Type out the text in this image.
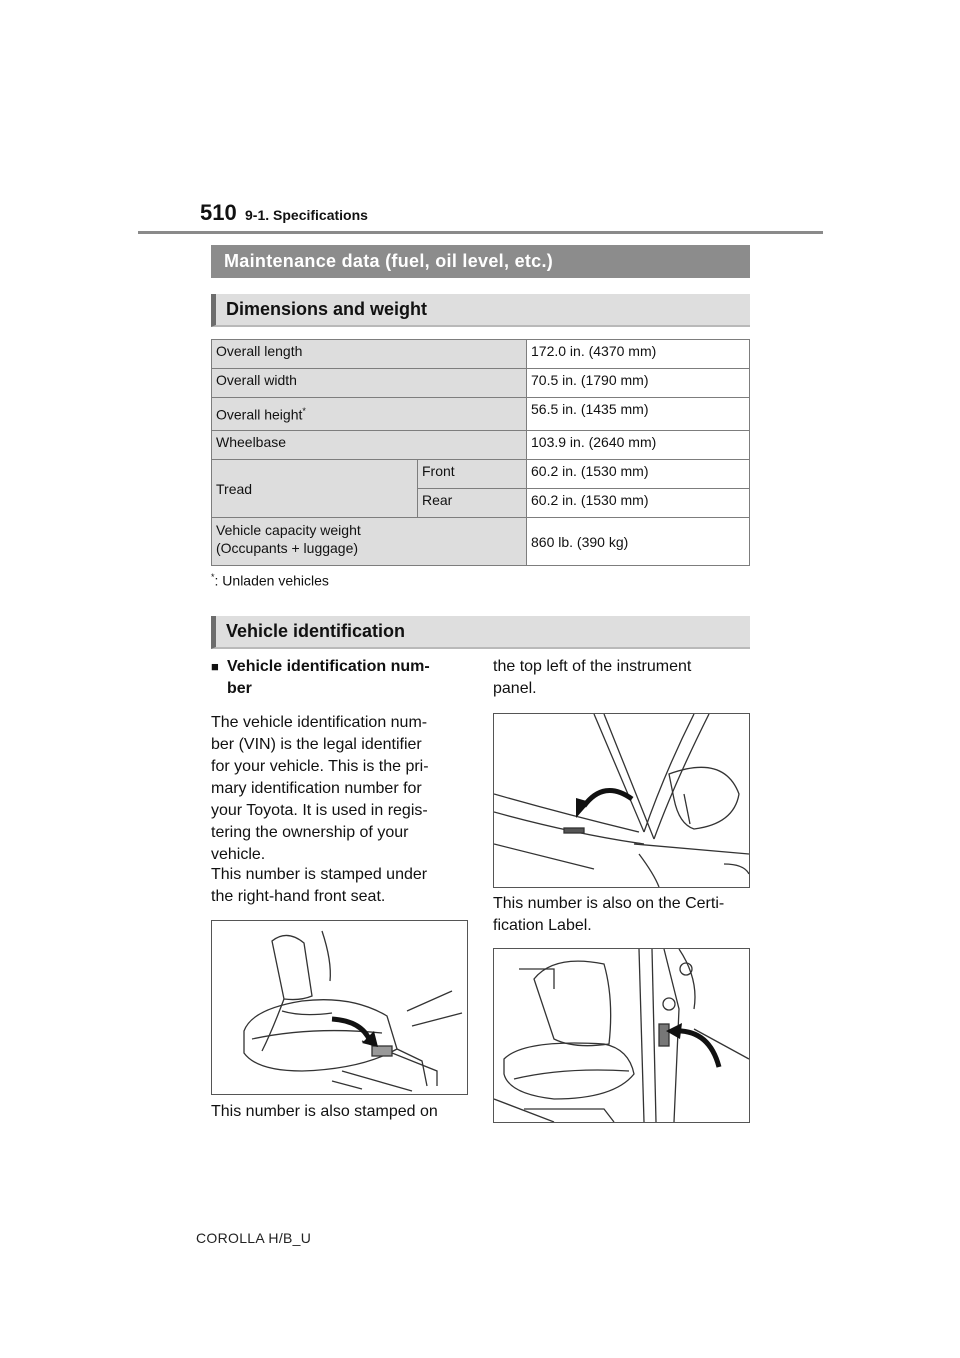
510 9-1. Specifications
Maintenance data (fuel, oil level, etc.)
Dimensions and weight
Overall length		172.0 in. (4370 mm)
Overall width		70.5 in. (1790 mm)
Overall height*		56.5 in. (1435 mm)
Wheelbase		103.9 in. (2640 mm)
Tread	Front	60.2 in. (1530 mm)
	Rear	60.2 in. (1530 mm)
Vehicle capacity weight
(Occupants + luggage)		860 lb. (390 kg)
*: Unladen vehicles
Vehicle identification
■ Vehicle identification num-
ber
The vehicle identification num-
ber (VIN) is the legal identifier
for your vehicle. This is the pri-
mary identification number for
your Toyota. It is used in regis-
tering the ownership of your
vehicle.
This number is stamped under
the right-hand front seat.
This number is also stamped on
the top left of the instrument
panel.
This number is also on the Certi-
fication Label.
COROLLA H/B_U
